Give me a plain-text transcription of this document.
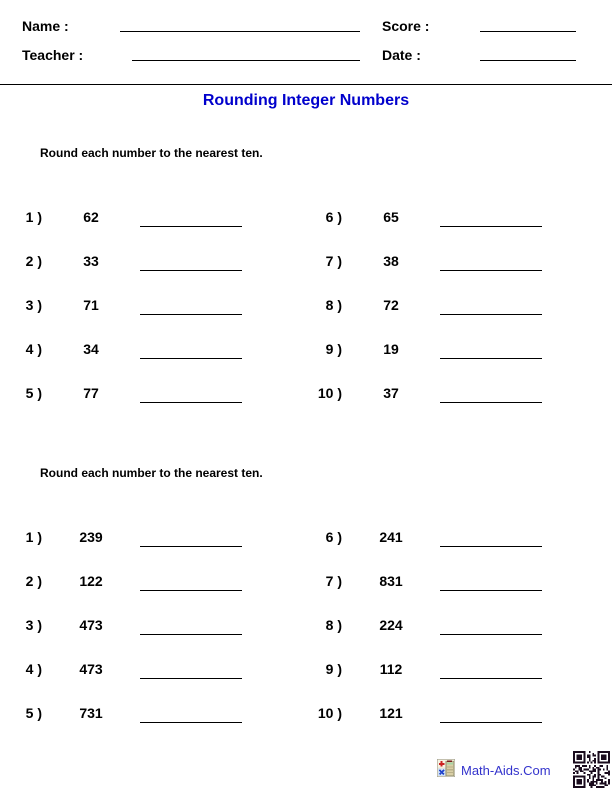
Name :	Score :
Teacher :	Date :
Rounding Integer Numbers
Round each number to the nearest ten.
1 )	62
2 )	33
3 )	71
4 )	34
5 )	77
6 )	65
7 )	38
8 )	72
9 )	19
10 )	37
Round each number to the nearest ten.
1 )	239
2 )	122
3 )	473
4 )	473
5 )	731
6 )	241
7 )	831
8 )	224
9 )	112
10 )	121
Math-Aids.Com
